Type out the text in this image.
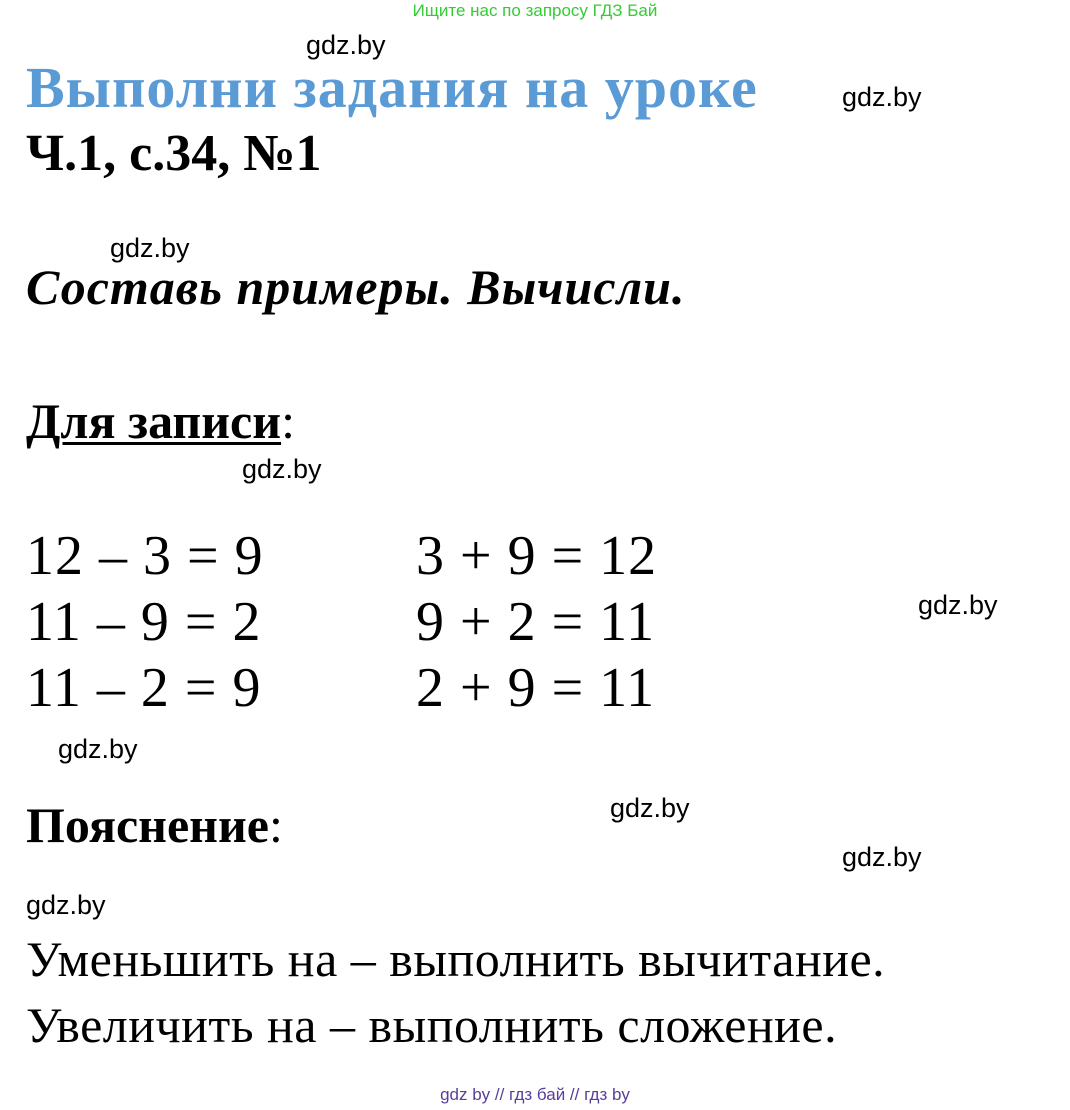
Ищите нас по запросу ГДЗ Бай
gdz.by
Выполни задания на уроке	gdz.by
Ч.1, с.34, №1
gdz.by
Составь примеры. Вычисли.
Для записи:
gdz.by
12 – 3 = 9	3 + 9 = 12
11 – 9 = 2	9 + 2 = 11	gdz.by
11 – 2 = 9	2 + 9 = 11
gdz.by
Пояснение:	gdz.by
gdz.by
gdz.by
Уменьшить на – выполнить вычитание.
Увеличить на – выполнить сложение.
gdz by // гдз бай // гдз by
